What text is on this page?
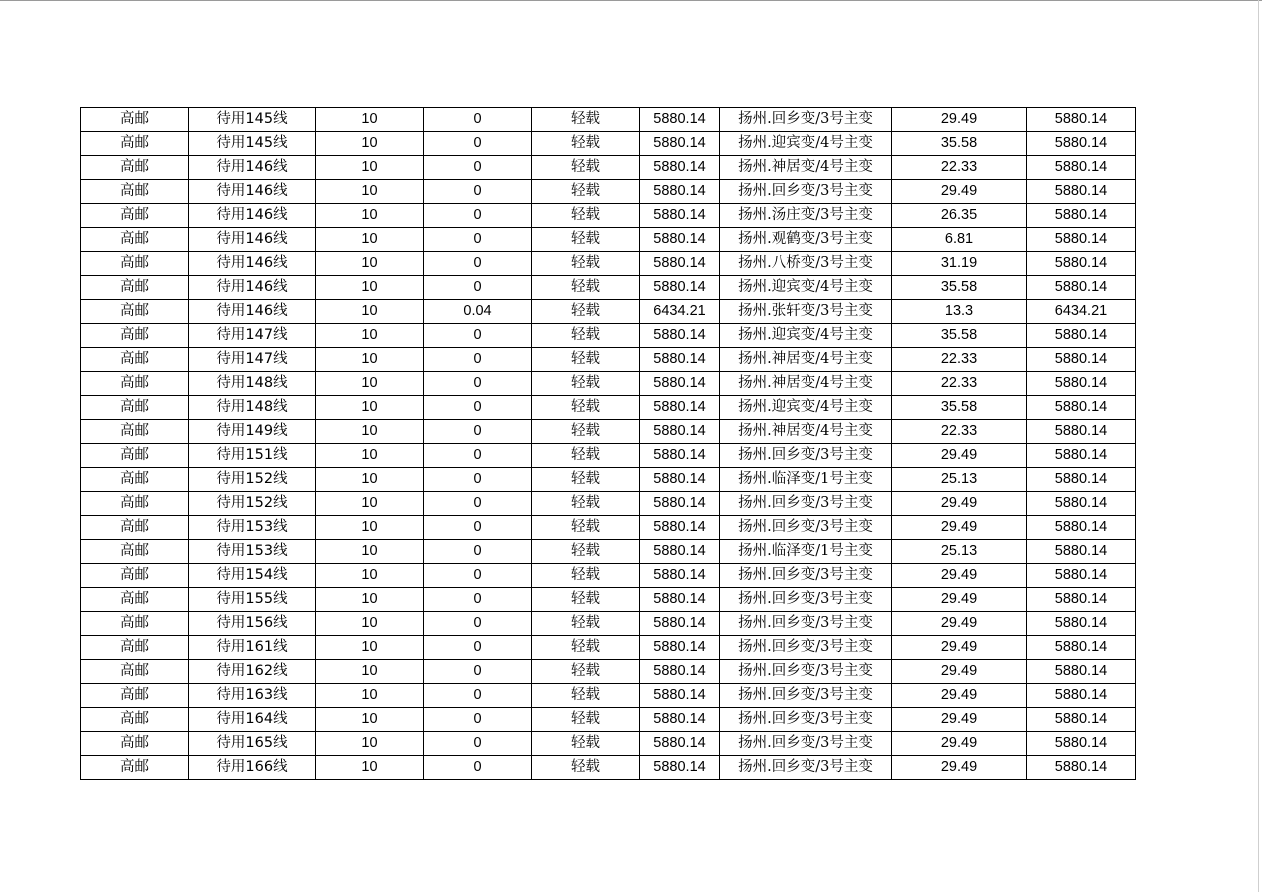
高邮	待用145线	10	0	轻载	5880.14	扬州.回乡变/3号主变	29.49	5880.14
高邮	待用145线	10	0	轻载	5880.14	扬州.迎宾变/4号主变	35.58	5880.14
高邮	待用146线	10	0	轻载	5880.14	扬州.神居变/4号主变	22.33	5880.14
高邮	待用146线	10	0	轻载	5880.14	扬州.回乡变/3号主变	29.49	5880.14
高邮	待用146线	10	0	轻载	5880.14	扬州.汤庄变/3号主变	26.35	5880.14
高邮	待用146线	10	0	轻载	5880.14	扬州.观鹤变/3号主变	6.81	5880.14
高邮	待用146线	10	0	轻载	5880.14	扬州.八桥变/3号主变	31.19	5880.14
高邮	待用146线	10	0	轻载	5880.14	扬州.迎宾变/4号主变	35.58	5880.14
高邮	待用146线	10	0.04	轻载	6434.21	扬州.张轩变/3号主变	13.3	6434.21
高邮	待用147线	10	0	轻载	5880.14	扬州.迎宾变/4号主变	35.58	5880.14
高邮	待用147线	10	0	轻载	5880.14	扬州.神居变/4号主变	22.33	5880.14
高邮	待用148线	10	0	轻载	5880.14	扬州.神居变/4号主变	22.33	5880.14
高邮	待用148线	10	0	轻载	5880.14	扬州.迎宾变/4号主变	35.58	5880.14
高邮	待用149线	10	0	轻载	5880.14	扬州.神居变/4号主变	22.33	5880.14
高邮	待用151线	10	0	轻载	5880.14	扬州.回乡变/3号主变	29.49	5880.14
高邮	待用152线	10	0	轻载	5880.14	扬州.临泽变/1号主变	25.13	5880.14
高邮	待用152线	10	0	轻载	5880.14	扬州.回乡变/3号主变	29.49	5880.14
高邮	待用153线	10	0	轻载	5880.14	扬州.回乡变/3号主变	29.49	5880.14
高邮	待用153线	10	0	轻载	5880.14	扬州.临泽变/1号主变	25.13	5880.14
高邮	待用154线	10	0	轻载	5880.14	扬州.回乡变/3号主变	29.49	5880.14
高邮	待用155线	10	0	轻载	5880.14	扬州.回乡变/3号主变	29.49	5880.14
高邮	待用156线	10	0	轻载	5880.14	扬州.回乡变/3号主变	29.49	5880.14
高邮	待用161线	10	0	轻载	5880.14	扬州.回乡变/3号主变	29.49	5880.14
高邮	待用162线	10	0	轻载	5880.14	扬州.回乡变/3号主变	29.49	5880.14
高邮	待用163线	10	0	轻载	5880.14	扬州.回乡变/3号主变	29.49	5880.14
高邮	待用164线	10	0	轻载	5880.14	扬州.回乡变/3号主变	29.49	5880.14
高邮	待用165线	10	0	轻载	5880.14	扬州.回乡变/3号主变	29.49	5880.14
高邮	待用166线	10	0	轻载	5880.14	扬州.回乡变/3号主变	29.49	5880.14
